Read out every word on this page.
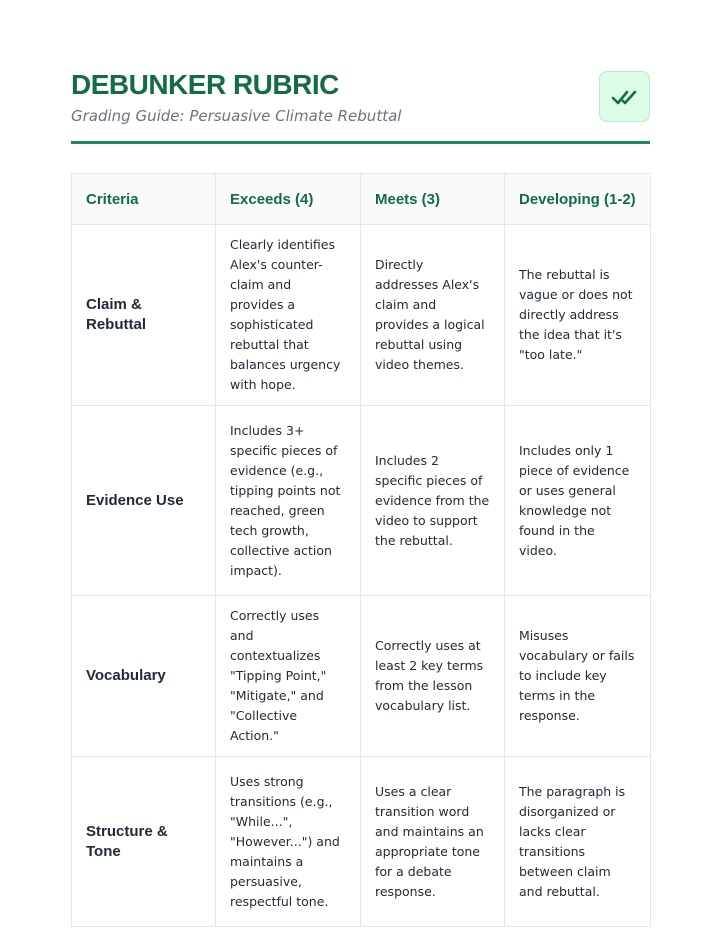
DEBUNKER RUBRIC
Grading Guide: Persuasive Climate Rebuttal
Criteria	Exceeds (4)	Meets (3)	Developing (1-2)
Claim & Rebuttal	Clearly identifies Alex's counter-claim and provides a sophisticated rebuttal that balances urgency with hope.	Directly addresses Alex's claim and provides a logical rebuttal using video themes.	The rebuttal is vague or does not directly address the idea that it's "too late."
Evidence Use	Includes 3+ specific pieces of evidence (e.g., tipping points not reached, green tech growth, collective action impact).	Includes 2 specific pieces of evidence from the video to support the rebuttal.	Includes only 1 piece of evidence or uses general knowledge not found in the video.
Vocabulary	Correctly uses and contextualizes "Tipping Point," "Mitigate," and "Collective Action."	Correctly uses at least 2 key terms from the lesson vocabulary list.	Misuses vocabulary or fails to include key terms in the response.
Structure & Tone	Uses strong transitions (e.g., "While...", "However...") and maintains a persuasive, respectful tone.	Uses a clear transition word and maintains an appropriate tone for a debate response.	The paragraph is disorganized or lacks clear transitions between claim and rebuttal.
